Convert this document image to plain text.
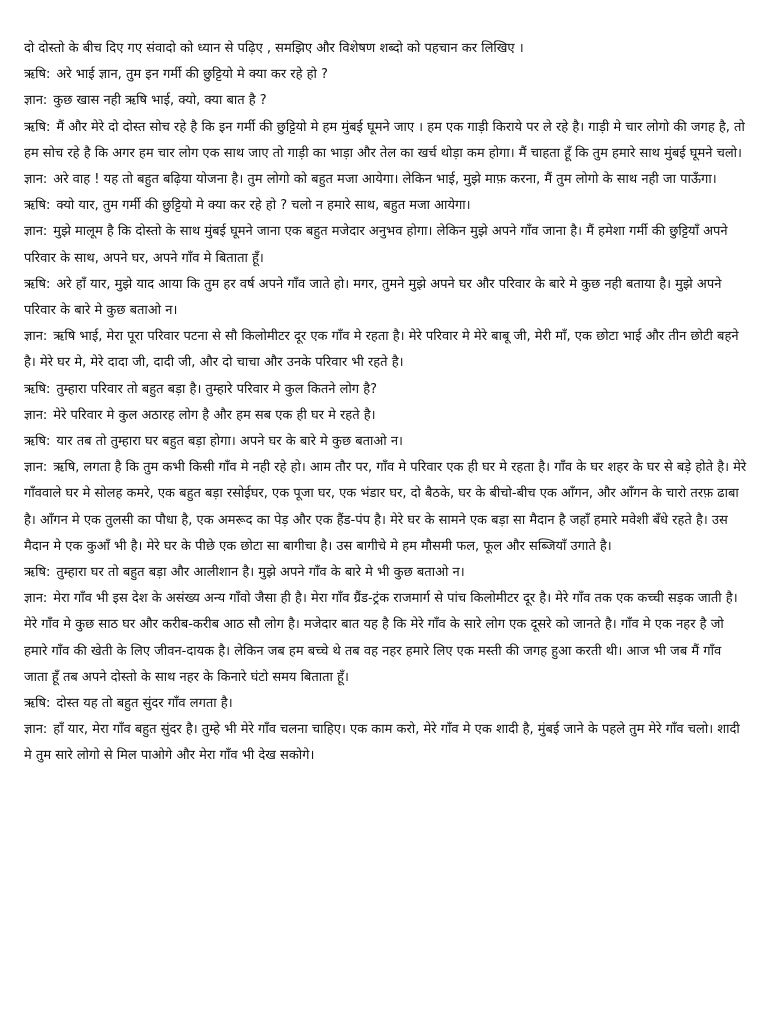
दो दोस्तो के बीच दिए गए संवादो को ध्यान से पढ़िए , समझिए और विशेषण शब्दो को पहचान कर लिखिए ।

ऋषि: अरे भाई ज्ञान, तुम इन गर्मी की छुट्टियो मे क्या कर रहे हो ?

ज्ञान: कुछ खास नही ऋषि भाई, क्यो, क्या बात है ?

ऋषि: मैं और मेरे दो दोस्त सोच रहे है कि इन गर्मी की छुट्टियो मे हम मुंबई घूमने जाए । हम एक गाड़ी किराये पर ले रहे है। गाड़ी मे चार लोगो की जगह है, तो हम सोच रहे है कि अगर हम चार लोग एक साथ जाए तो गाड़ी का भाड़ा और तेल का खर्च थोड़ा कम होगा। मैं चाहता हूँ कि तुम हमारे साथ मुंबई घूमने चलो।

ज्ञान: अरे वाह ! यह तो बहुत बढ़िया योजना है। तुम लोगो को बहुत मजा आयेगा। लेकिन भाई, मुझे माफ़ करना, मैं तुम लोगो के साथ नही जा पाऊँगा।

ऋषि: क्यो यार, तुम गर्मी की छुट्टियो मे क्या कर रहे हो ? चलो न हमारे साथ, बहुत मजा आयेगा।

ज्ञान: मुझे मालूम है कि दोस्तो के साथ मुंबई घूमने जाना एक बहुत मजेदार अनुभव होगा। लेकिन मुझे अपने गाँव जाना है। मैं हमेशा गर्मी की छुट्टियाँ अपने परिवार के साथ, अपने घर, अपने गाँव मे बिताता हूँ।

ऋषि: अरे हाँ यार, मुझे याद आया कि तुम हर वर्ष अपने गाँव जाते हो। मगर, तुमने मुझे अपने घर और परिवार के बारे मे कुछ नही बताया है। मुझे अपने परिवार के बारे मे कुछ बताओ न।

ज्ञान: ऋषि भाई, मेरा पूरा परिवार पटना से सौ किलोमीटर दूर एक गाँव मे रहता है। मेरे परिवार मे मेरे बाबू जी, मेरी माँ, एक छोटा भाई और तीन छोटी बहने है। मेरे घर मे, मेरे दादा जी, दादी जी, और दो चाचा और उनके परिवार भी रहते है।

ऋषि: तुम्हारा परिवार तो बहुत बड़ा है। तुम्हारे परिवार मे कुल कितने लोग है?

ज्ञान: मेरे परिवार मे कुल अठारह लोग है और हम सब एक ही घर मे रहते है।

ऋषि: यार तब तो तुम्हारा घर बहुत बड़ा होगा। अपने घर के बारे मे कुछ बताओ न।

ज्ञान: ऋषि, लगता है कि तुम कभी किसी गाँव मे नही रहे हो। आम तौर पर, गाँव मे परिवार एक ही घर मे रहता है। गाँव के घर शहर के घर से बड़े होते है। मेरे गाँववाले घर मे सोलह कमरे, एक बहुत बड़ा रसोईघर, एक पूजा घर, एक भंडार घर, दो बैठके, घर के बीचो-बीच एक आँगन, और आँगन के चारो तरफ़ ढाबा है। आँगन मे एक तुलसी का पौधा है, एक अमरूद का पेड़ और एक हैंड-पंप है। मेरे घर के सामने एक बड़ा सा मैदान है जहाँ हमारे मवेशी बँधे रहते है। उस मैदान मे एक कुआँ भी है। मेरे घर के पीछे एक छोटा सा बागीचा है। उस बागीचे मे हम मौसमी फल, फूल और सब्जियाँ उगाते है।

ऋषि: तुम्हारा घर तो बहुत बड़ा और आलीशान है। मुझे अपने गाँव के बारे मे भी कुछ बताओ न।

ज्ञान: मेरा गाँव भी इस देश के असंख्य अन्य गाँवो जैसा ही है। मेरा गाँव ग्रैंड-ट्रंक राजमार्ग से पांच किलोमीटर दूर है। मेरे गाँव तक एक कच्ची सड़क जाती है। मेरे गाँव मे कुछ साठ घर और करीब-करीब आठ सौ लोग है। मजेदार बात यह है कि मेरे गाँव के सारे लोग एक दूसरे को जानते है। गाँव मे एक नहर है जो हमारे गाँव की खेती के लिए जीवन-दायक है। लेकिन जब हम बच्चे थे तब वह नहर हमारे लिए एक मस्ती की जगह हुआ करती थी। आज भी जब मैं गाँव जाता हूँ तब अपने दोस्तो के साथ नहर के किनारे घंटो समय बिताता हूँ।

ऋषि: दोस्त यह तो बहुत सुंदर गाँव लगता है।

ज्ञान: हाँ यार, मेरा गाँव बहुत सुंदर है। तुम्हे भी मेरे गाँव चलना चाहिए। एक काम करो, मेरे गाँव मे एक शादी है, मुंबई जाने के पहले तुम मेरे गाँव चलो। शादी मे तुम सारे लोगो से मिल पाओगे और मेरा गाँव भी देख सकोगे।
